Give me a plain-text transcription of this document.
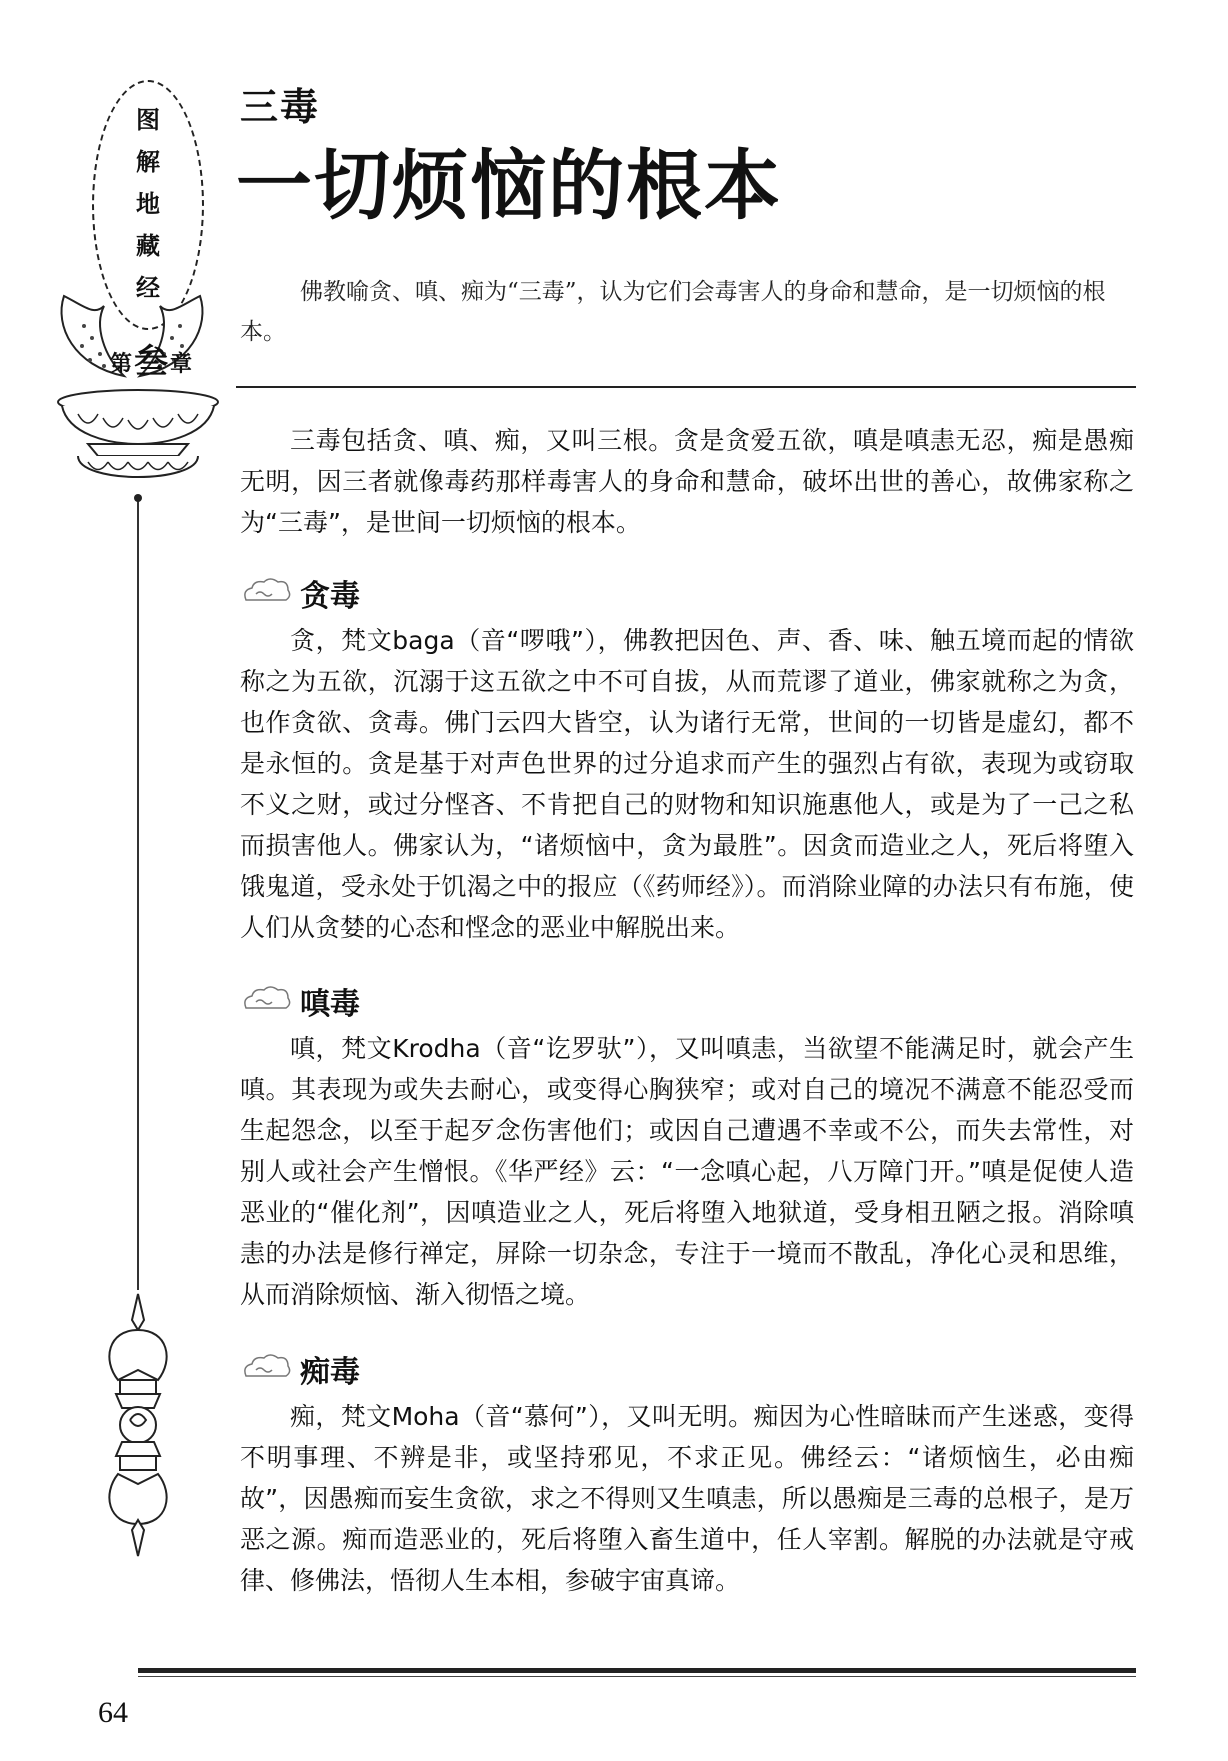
图
解
地
藏
经
第 叁 章
三毒
一切烦恼的根本
佛教喻贪、嗔、痴为“三毒”，认为它们会毒害人的身命和慧命，是一切烦恼的根本。
三毒包括贪、嗔、痴，又叫三根。贪是贪爱五欲，嗔是嗔恚无忍，痴是愚痴无明，因三者就像毒药那样毒害人的身命和慧命，破坏出世的善心，故佛家称之为“三毒”，是世间一切烦恼的根本。
贪毒
贪，梵文baga（音“啰哦”），佛教把因色、声、香、味、触五境而起的情欲称之为五欲，沉溺于这五欲之中不可自拔，从而荒谬了道业，佛家就称之为贪，也作贪欲、贪毒。佛门云四大皆空，认为诸行无常，世间的一切皆是虚幻，都不是永恒的。贪是基于对声色世界的过分追求而产生的强烈占有欲，表现为或窃取不义之财，或过分悭吝、不肯把自己的财物和知识施惠他人，或是为了一己之私而损害他人。佛家认为，“诸烦恼中，贪为最胜”。因贪而造业之人，死后将堕入饿鬼道，受永处于饥渴之中的报应（《药师经》）。而消除业障的办法只有布施，使人们从贪婪的心态和悭念的恶业中解脱出来。
嗔毒
嗔，梵文Krodha（音“讫罗驮”），又叫嗔恚，当欲望不能满足时，就会产生嗔。其表现为或失去耐心，或变得心胸狭窄；或对自己的境况不满意不能忍受而生起怨念，以至于起歹念伤害他们；或因自己遭遇不幸或不公，而失去常性，对别人或社会产生憎恨。《华严经》云：“一念嗔心起，八万障门开。”嗔是促使人造恶业的“催化剂”，因嗔造业之人，死后将堕入地狱道，受身相丑陋之报。消除嗔恚的办法是修行禅定，屏除一切杂念，专注于一境而不散乱，净化心灵和思维，从而消除烦恼、渐入彻悟之境。
痴毒
痴，梵文Moha（音“慕何”），又叫无明。痴因为心性暗昧而产生迷惑，变得不明事理、不辨是非，或坚持邪见，不求正见。佛经云：“诸烦恼生，必由痴故”，因愚痴而妄生贪欲，求之不得则又生嗔恚，所以愚痴是三毒的总根子，是万恶之源。痴而造恶业的，死后将堕入畜生道中，任人宰割。解脱的办法就是守戒律、修佛法，悟彻人生本相，参破宇宙真谛。
64
